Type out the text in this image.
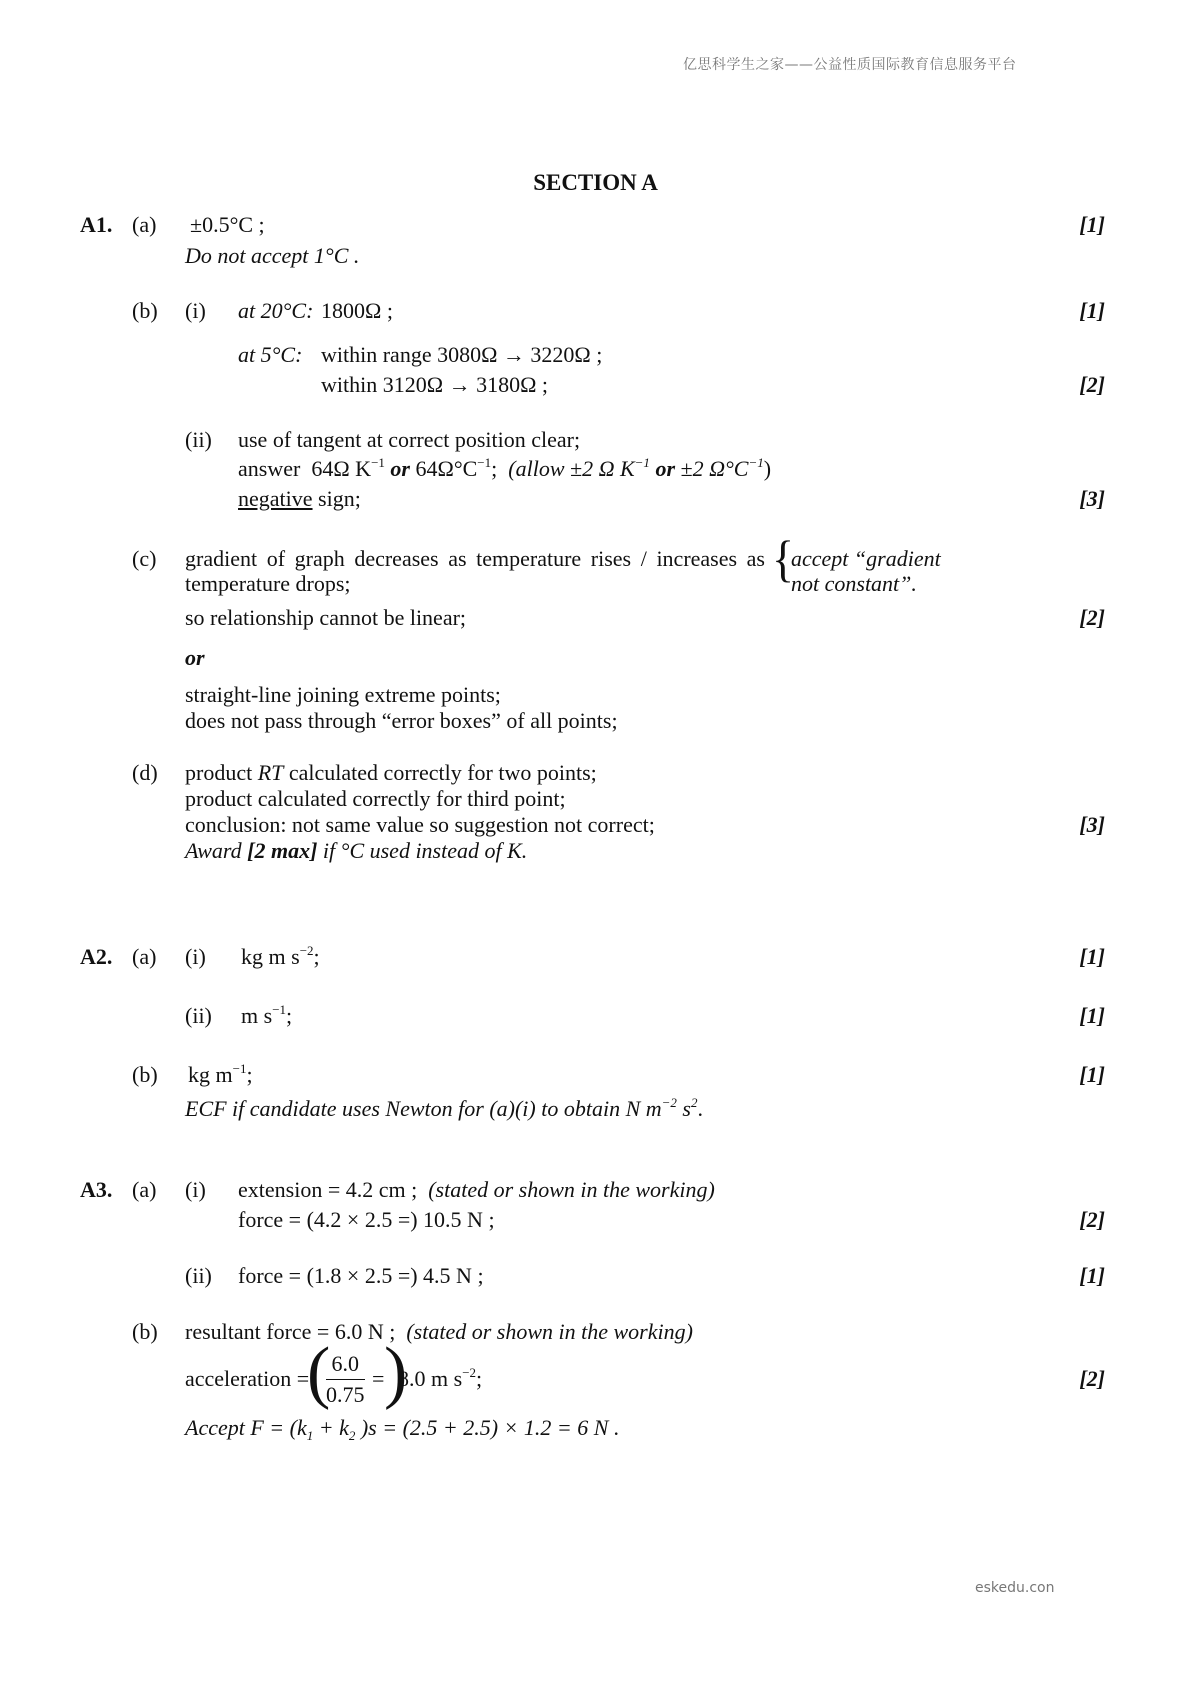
亿思科学生之家——公益性质国际教育信息服务平台
SECTION A
A1. (a) ±0.5°C ;	[1]
Do not accept 1°C .
(b) (i) at 20°C: 1800Ω ;	[1]
at 5°C: within range 3080Ω → 3220Ω ;
within 3120Ω → 3180Ω ;	[2]
(ii) use of tangent at correct position clear;
answer 64Ω $K^{-1}$ or $64\Omega^\circ C^{-1}$;  (allow ±2 Ω $K^{-1}$ or ±2 $\Omega^\circ C^{-1}$)
negative sign;	[3]
(c) gradient of graph decreases as temperature rises / increases as
temperature drops;	{
accept “gradient
not constant”.
so relationship cannot be linear;	[2]
or
straight-line joining extreme points;
does not pass through “error boxes” of all points;
(d) product RT calculated correctly for two points;
product calculated correctly for third point;
conclusion: not same value so suggestion not correct;	[3]
Award [2 max] if °C used instead of K.
A2. (a) (i) kg m $s^{-2}$;	[1]
(ii) m $s^{-1}$;	[1]
(b) kg $m^{-1}$;	[1]
ECF if candidate uses Newton for (a)(i) to obtain N $m^{-2}$ $s^2$.
A3. (a) (i) extension = 4.2 cm ; (stated or shown in the working)
force = (4.2 × 2.5 =) 10.5 N ;	[2]
(ii) force = (1.8 × 2.5 =) 4.5 N ;	[1]
(b) resultant force = 6.0 N ; (stated or shown in the working)
acceleration =
(
$\frac{6.0}{0.75}$ = )
8.0 m $s^{-2}$;	[2]
Accept $F = (k_1 + k_2$ )s = (2.5 + 2.5) × 1.2 = 6 N .
eskedu.con
